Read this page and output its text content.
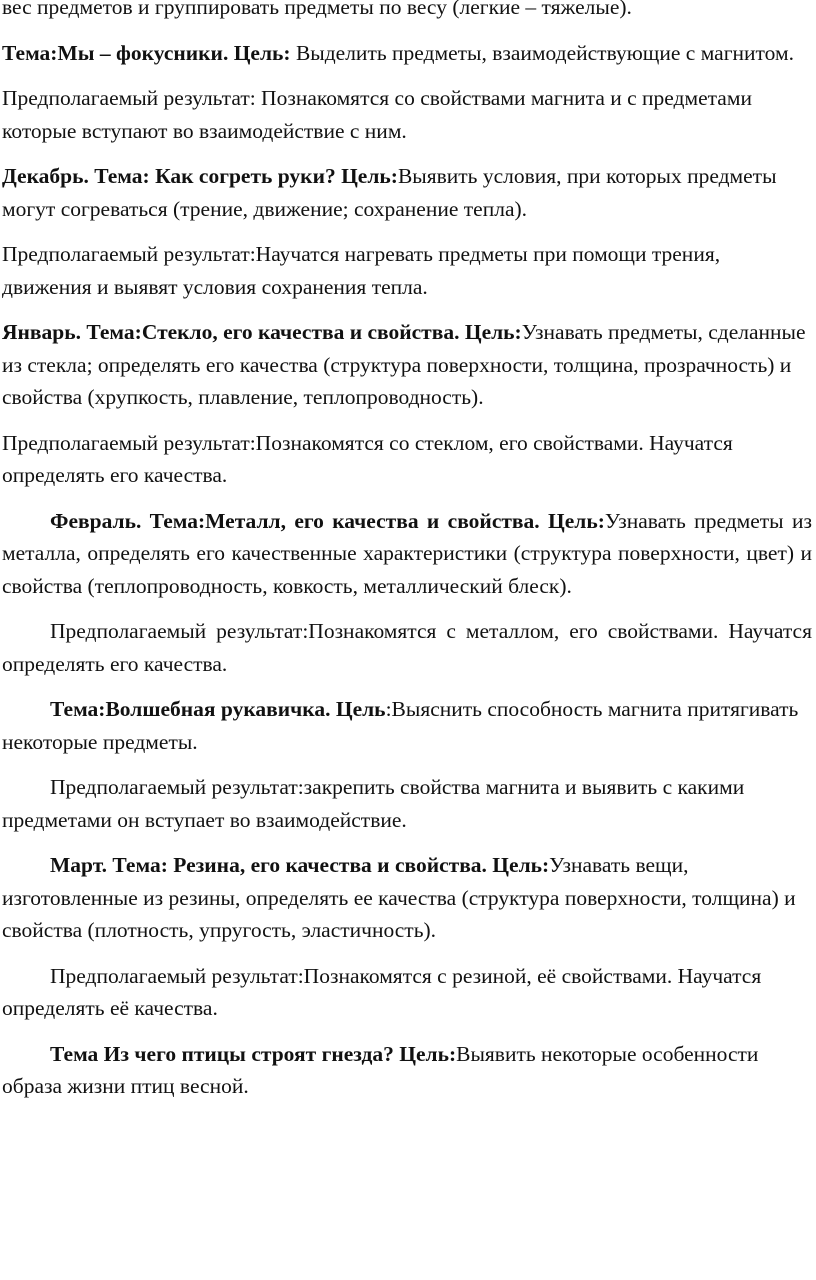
вес предметов и группировать предметы по весу (легкие – тяжелые).

Тема:Мы – фокусники. Цель: Выделить предметы, взаимодействующие с магнитом.

Предполагаемый результат: Познакомятся со свойствами магнита и с предметами которые вступают во взаимодействие с ним.

Декабрь. Тема: Как согреть руки? Цель:Выявить условия, при которых предметы могут согреваться (трение, движение; сохранение тепла).

Предполагаемый результат:Научатся нагревать предметы при помощи трения, движения и выявят условия сохранения тепла.

Январь. Тема:Стекло, его качества и свойства. Цель:Узнавать предметы, сделанные из стекла; определять его качества (структура поверхности, толщина, прозрачность) и свойства (хрупкость, плавление, теплопроводность).

Предполагаемый результат:Познакомятся со стеклом, его свойствами. Научатся определять его качества.

Февраль. Тема:Металл, его качества и свойства. Цель:Узнавать предметы из металла, определять его качественные характеристики (структура поверхности, цвет) и свойства (теплопроводность, ковкость, металлический блеск).

Предполагаемый результат:Познакомятся с металлом, его свойствами. Научатся определять его качества.

Тема:Волшебная рукавичка. Цель:Выяснить способность магнита притягивать некоторые предметы.

Предполагаемый результат:закрепить свойства магнита и выявить с какими предметами он вступает во взаимодействие.

Март. Тема: Резина, его качества и свойства. Цель:Узнавать вещи, изготовленные из резины, определять ее качества (структура поверхности, толщина) и свойства (плотность, упругость, эластичность).

Предполагаемый результат:Познакомятся с резиной, её свойствами. Научатся определять её качества.

Тема Из чего птицы строят гнезда? Цель:Выявить некоторые особенности образа жизни птиц весной.
